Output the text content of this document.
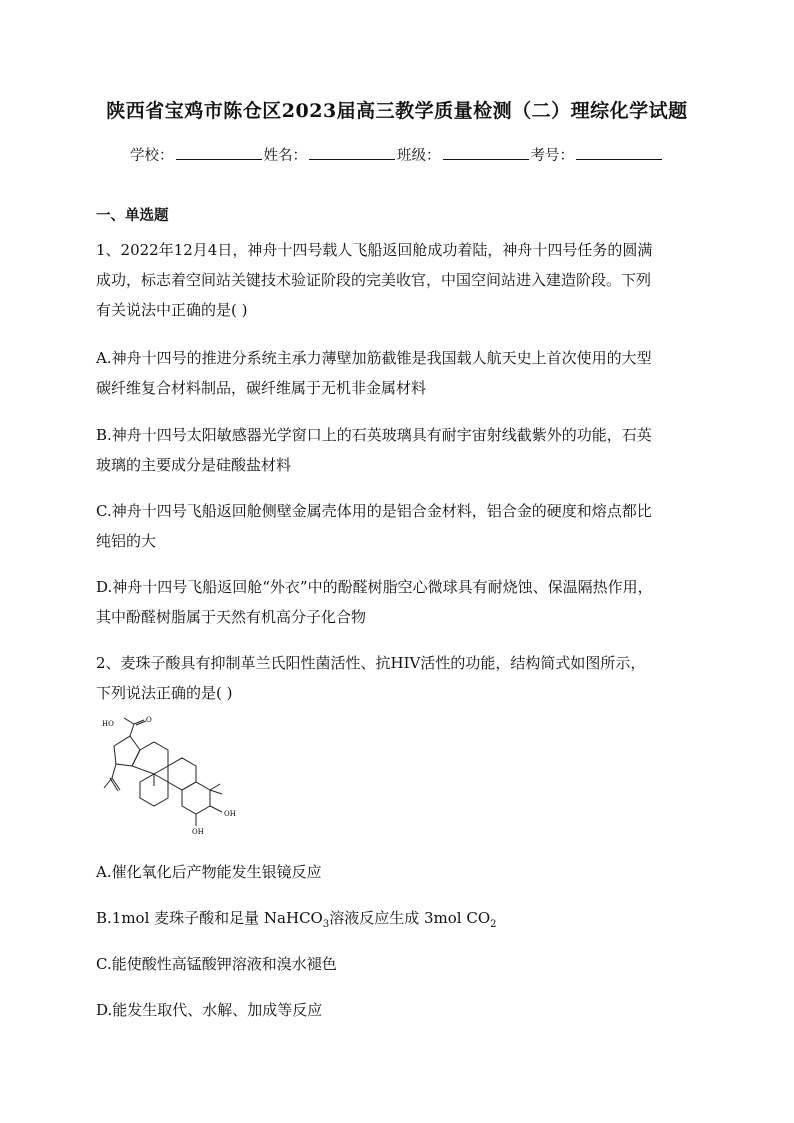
陕西省宝鸡市陈仓区2023届高三教学质量检测（二）理综化学试题
学校：	姓名：	班级：	考号：
一、单选题
1、2022年12月4日，神舟十四号载人飞船返回舱成功着陆，神舟十四号任务的圆满
成功，标志着空间站关键技术验证阶段的完美收官，中国空间站进入建造阶段。下列
有关说法中正确的是( )
A.神舟十四号的推进分系统主承力薄壁加筋截锥是我国载人航天史上首次使用的大型
碳纤维复合材料制品，碳纤维属于无机非金属材料
B.神舟十四号太阳敏感器光学窗口上的石英玻璃具有耐宇宙射线截紫外的功能，石英
玻璃的主要成分是硅酸盐材料
C.神舟十四号飞船返回舱侧壁金属壳体用的是铝合金材料，铝合金的硬度和熔点都比
纯铝的大
D.神舟十四号飞船返回舱“外衣”中的酚醛树脂空心微球具有耐烧蚀、保温隔热作用，
其中酚醛树脂属于天然有机高分子化合物
2、麦珠子酸具有抑制革兰氏阳性菌活性、抗HIV活性的功能，结构简式如图所示，
下列说法正确的是( )
HO	O
OH
OH
A.催化氧化后产物能发生银镜反应
B.1mol 麦珠子酸和足量 NaHCO$_3$溶液反应生成 3mol $CO_2$
C.能使酸性高锰酸钾溶液和溴水褪色
D.能发生取代、水解、加成等反应
